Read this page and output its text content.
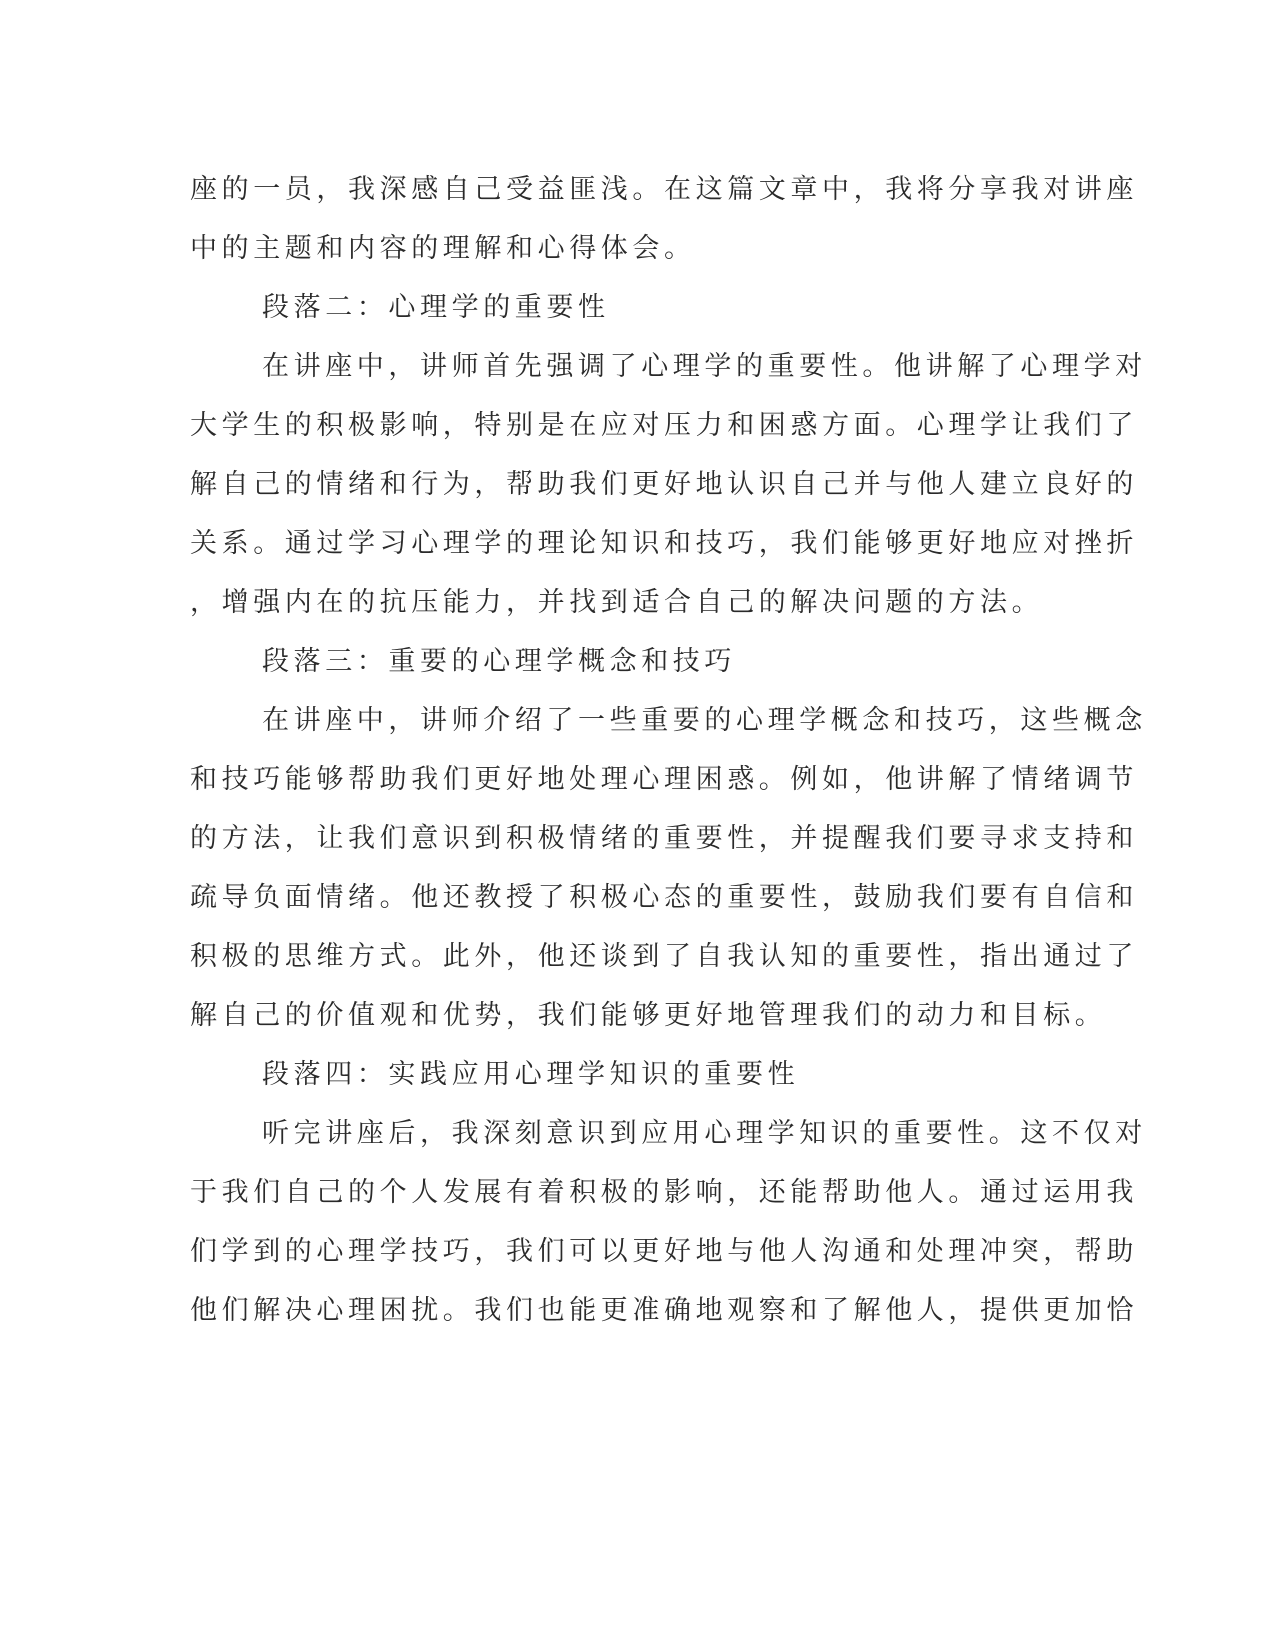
座的一员，我深感自己受益匪浅。在这篇文章中，我将分享我对讲座
中的主题和内容的理解和心得体会。
段落二：心理学的重要性
在讲座中，讲师首先强调了心理学的重要性。他讲解了心理学对
大学生的积极影响，特别是在应对压力和困惑方面。心理学让我们了
解自己的情绪和行为，帮助我们更好地认识自己并与他人建立良好的
关系。通过学习心理学的理论知识和技巧，我们能够更好地应对挫折
，增强内在的抗压能力，并找到适合自己的解决问题的方法。
段落三：重要的心理学概念和技巧
在讲座中，讲师介绍了一些重要的心理学概念和技巧，这些概念
和技巧能够帮助我们更好地处理心理困惑。例如，他讲解了情绪调节
的方法，让我们意识到积极情绪的重要性，并提醒我们要寻求支持和
疏导负面情绪。他还教授了积极心态的重要性，鼓励我们要有自信和
积极的思维方式。此外，他还谈到了自我认知的重要性，指出通过了
解自己的价值观和优势，我们能够更好地管理我们的动力和目标。
段落四：实践应用心理学知识的重要性
听完讲座后，我深刻意识到应用心理学知识的重要性。这不仅对
于我们自己的个人发展有着积极的影响，还能帮助他人。通过运用我
们学到的心理学技巧，我们可以更好地与他人沟通和处理冲突，帮助
他们解决心理困扰。我们也能更准确地观察和了解他人，提供更加恰
